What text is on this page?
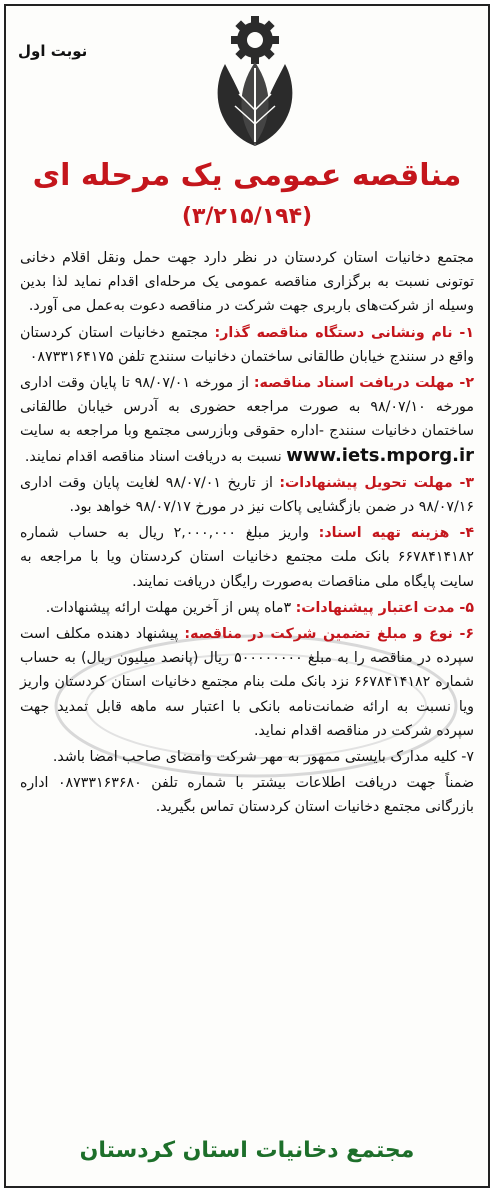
نوبت اول
مناقصه عمومی یک مرحله ای
(۳/۲۱۵/۱۹۴)

مجتمع دخانیات استان کردستان در نظر دارد جهت حمل ونقل اقلام دخانی توتونی نسبت به برگزاری مناقصه عمومی یک مرحله‌ای اقدام نماید لذا بدین وسیله از شرکت‌های باربری جهت شرکت در مناقصه دعوت به‌عمل می آورد.

۱- نام ونشانی دستگاه مناقصه گذار: مجتمع دخانیات استان کردستان واقع در سنندج خیابان طالقانی ساختمان دخانیات سنندج تلفن ۰۸۷۳۳۱۶۴۱۷۵

۲- مهلت دریافت اسناد مناقصه: از مورخه ۹۸/۰۷/۰۱ تا پایان وقت اداری مورخه ۹۸/۰۷/۱۰ به صورت مراجعه حضوری به آدرس خیابان طالقانی ساختمان دخانیات سنندج -اداره حقوقی وبازرسی مجتمع وبا مراجعه به سایت www.iets.mporg.ir نسبت به دریافت اسناد مناقصه اقدام نمایند.

۳- مهلت تحویل پیشنهادات: از تاریخ ۹۸/۰۷/۰۱ لغایت پایان وقت اداری ۹۸/۰۷/۱۶ در ضمن بازگشایی پاکات نیز در مورخ ۹۸/۰۷/۱۷ خواهد بود.

۴- هزینه تهیه اسناد: واریز مبلغ ۲,۰۰۰,۰۰۰ ریال به حساب شماره ۶۶۷۸۴۱۴۱۸۲ بانک ملت مجتمع دخانیات استان کردستان ویا با مراجعه به سایت پایگاه ملی مناقصات به‌صورت رایگان دریافت نمایند.

۵- مدت اعتبار پیشنهادات: ۳ماه پس از آخرین مهلت ارائه پیشنهادات.

۶- نوع و مبلغ تضمین شرکت در مناقصه: پیشنهاد دهنده مکلف است سپرده در مناقصه را به مبلغ ۵۰۰۰۰۰۰۰۰ ریال (پانصد میلیون ریال) به حساب شماره ۶۶۷۸۴۱۴۱۸۲ نزد بانک ملت بنام مجتمع دخانیات استان کردستان واریز ویا نسبت به ارائه ضمانت‌نامه بانکی با اعتبار سه ماهه قابل تمدید جهت سپرده شرکت در مناقصه اقدام نماید.

۷- کلیه مدارک بایستی ممهور به مهر شرکت وامضای صاحب امضا باشد.

ضمناً جهت دریافت اطلاعات بیشتر با شماره تلفن ۰۸۷۳۳۱۶۳۶۸۰ اداره بازرگانی مجتمع دخانیات استان کردستان تماس بگیرید.

مجتمع دخانیات استان کردستان
